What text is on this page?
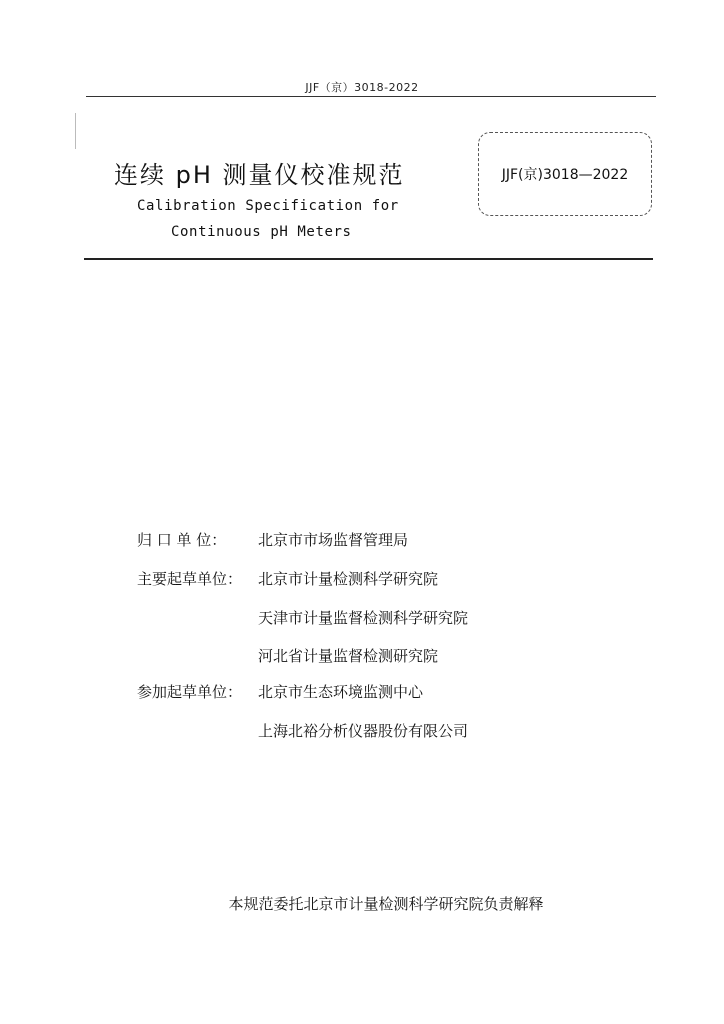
JJF（京）3018-2022
连续 pH 测量仪校准规范
Calibration Specification for
Continuous pH Meters
JJF(京)3018—2022
归 口 单 位： 北京市市场监督管理局
主要起草单位： 北京市计量检测科学研究院
天津市计量监督检测科学研究院
河北省计量监督检测研究院
参加起草单位： 北京市生态环境监测中心
上海北裕分析仪器股份有限公司
本规范委托北京市计量检测科学研究院负责解释
